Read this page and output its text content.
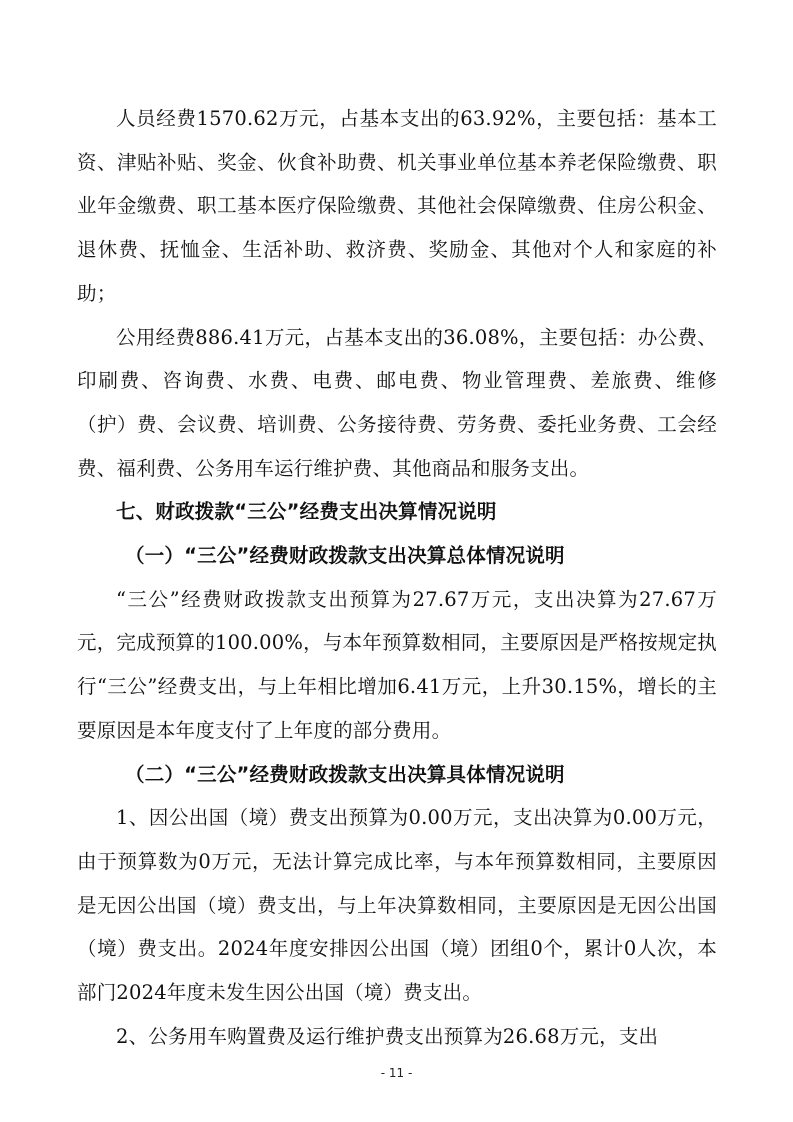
人员经费1570.62万元，占基本支出的63.92%，主要包括：基本工资、津贴补贴、奖金、伙食补助费、机关事业单位基本养老保险缴费、职业年金缴费、职工基本医疗保险缴费、其他社会保障缴费、住房公积金、退休费、抚恤金、生活补助、救济费、奖励金、其他对个人和家庭的补助；

公用经费886.41万元，占基本支出的36.08%，主要包括：办公费、印刷费、咨询费、水费、电费、邮电费、物业管理费、差旅费、维修（护）费、会议费、培训费、公务接待费、劳务费、委托业务费、工会经费、福利费、公务用车运行维护费、其他商品和服务支出。

七、财政拨款“三公”经费支出决算情况说明

（一）“三公”经费财政拨款支出决算总体情况说明

“三公”经费财政拨款支出预算为27.67万元，支出决算为27.67万元，完成预算的100.00%，与本年预算数相同，主要原因是严格按规定执行“三公”经费支出，与上年相比增加6.41万元，上升30.15%，增长的主要原因是本年度支付了上年度的部分费用。

（二）“三公”经费财政拨款支出决算具体情况说明

1、因公出国（境）费支出预算为0.00万元，支出决算为0.00万元，由于预算数为0万元，无法计算完成比率，与本年预算数相同，主要原因是无因公出国（境）费支出，与上年决算数相同，主要原因是无因公出国（境）费支出。2024年度安排因公出国（境）团组0个，累计0人次，本部门2024年度未发生因公出国（境）费支出。

2、公务用车购置费及运行维护费支出预算为26.68万元，支出

- 11 -
